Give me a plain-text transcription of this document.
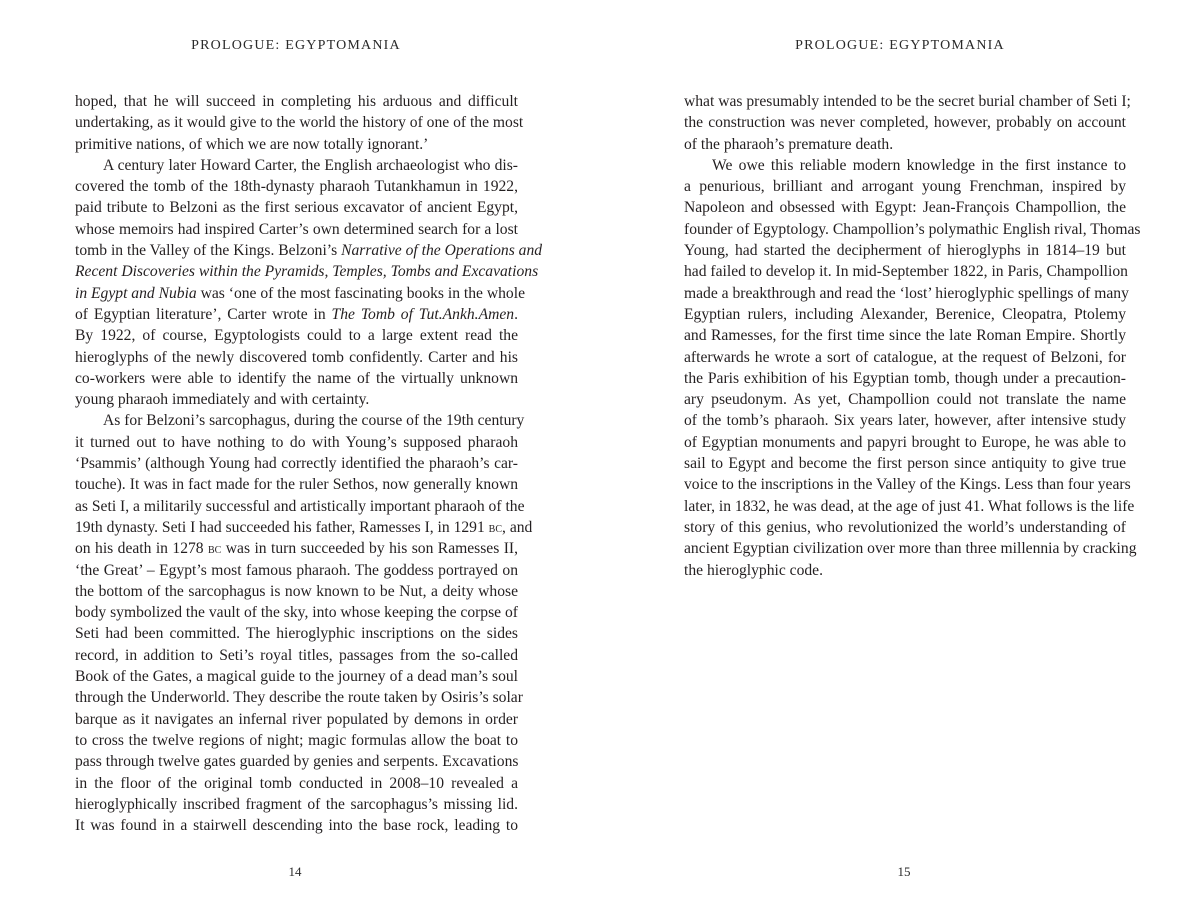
PROLOGUE: EGYPTOMANIA
hoped, that he will succeed in completing his arduous and difficult
undertaking, as it would give to the world the history of one of the most
primitive nations, of which we are now totally ignorant.’
A century later Howard Carter, the English archaeologist who dis-
covered the tomb of the 18th-dynasty pharaoh Tutankhamun in 1922,
paid tribute to Belzoni as the first serious excavator of ancient Egypt,
whose memoirs had inspired Carter’s own determined search for a lost
tomb in the Valley of the Kings. Belzoni’s Narrative of the Operations and
Recent Discoveries within the Pyramids, Temples, Tombs and Excavations
in Egypt and Nubia was ‘one of the most fascinating books in the whole
of Egyptian literature’, Carter wrote in The Tomb of Tut.Ankh.Amen.
By 1922, of course, Egyptologists could to a large extent read the
hieroglyphs of the newly discovered tomb confidently. Carter and his
co-workers were able to identify the name of the virtually unknown
young pharaoh immediately and with certainty.
As for Belzoni’s sarcophagus, during the course of the 19th century
it turned out to have nothing to do with Young’s supposed pharaoh
‘Psammis’ (although Young had correctly identified the pharaoh’s car-
touche). It was in fact made for the ruler Sethos, now generally known
as Seti I, a militarily successful and artistically important pharaoh of the
19th dynasty. Seti I had succeeded his father, Ramesses I, in 1291 bc, and
on his death in 1278 bc was in turn succeeded by his son Ramesses II,
‘the Great’ – Egypt’s most famous pharaoh. The goddess portrayed on
the bottom of the sarcophagus is now known to be Nut, a deity whose
body symbolized the vault of the sky, into whose keeping the corpse of
Seti had been committed. The hieroglyphic inscriptions on the sides
record, in addition to Seti’s royal titles, passages from the so-called
Book of the Gates, a magical guide to the journey of a dead man’s soul
through the Underworld. They describe the route taken by Osiris’s solar
barque as it navigates an infernal river populated by demons in order
to cross the twelve regions of night; magic formulas allow the boat to
pass through twelve gates guarded by genies and serpents. Excavations
in the floor of the original tomb conducted in 2008–10 revealed a
hieroglyphically inscribed fragment of the sarcophagus’s missing lid.
It was found in a stairwell descending into the base rock, leading to
14
PROLOGUE: EGYPTOMANIA
what was presumably intended to be the secret burial chamber of Seti I;
the construction was never completed, however, probably on account
of the pharaoh’s premature death.
We owe this reliable modern knowledge in the first instance to
a penurious, brilliant and arrogant young Frenchman, inspired by
Napoleon and obsessed with Egypt: Jean-François Champollion, the
founder of Egyptology. Champollion’s polymathic English rival, Thomas
Young, had started the decipherment of hieroglyphs in 1814–19 but
had failed to develop it. In mid-September 1822, in Paris, Champollion
made a breakthrough and read the ‘lost’ hieroglyphic spellings of many
Egyptian rulers, including Alexander, Berenice, Cleopatra, Ptolemy
and Ramesses, for the first time since the late Roman Empire. Shortly
afterwards he wrote a sort of catalogue, at the request of Belzoni, for
the Paris exhibition of his Egyptian tomb, though under a precaution-
ary pseudonym. As yet, Champollion could not translate the name
of the tomb’s pharaoh. Six years later, however, after intensive study
of Egyptian monuments and papyri brought to Europe, he was able to
sail to Egypt and become the first person since antiquity to give true
voice to the inscriptions in the Valley of the Kings. Less than four years
later, in 1832, he was dead, at the age of just 41. What follows is the life
story of this genius, who revolutionized the world’s understanding of
ancient Egyptian civilization over more than three millennia by cracking
the hieroglyphic code.
15
